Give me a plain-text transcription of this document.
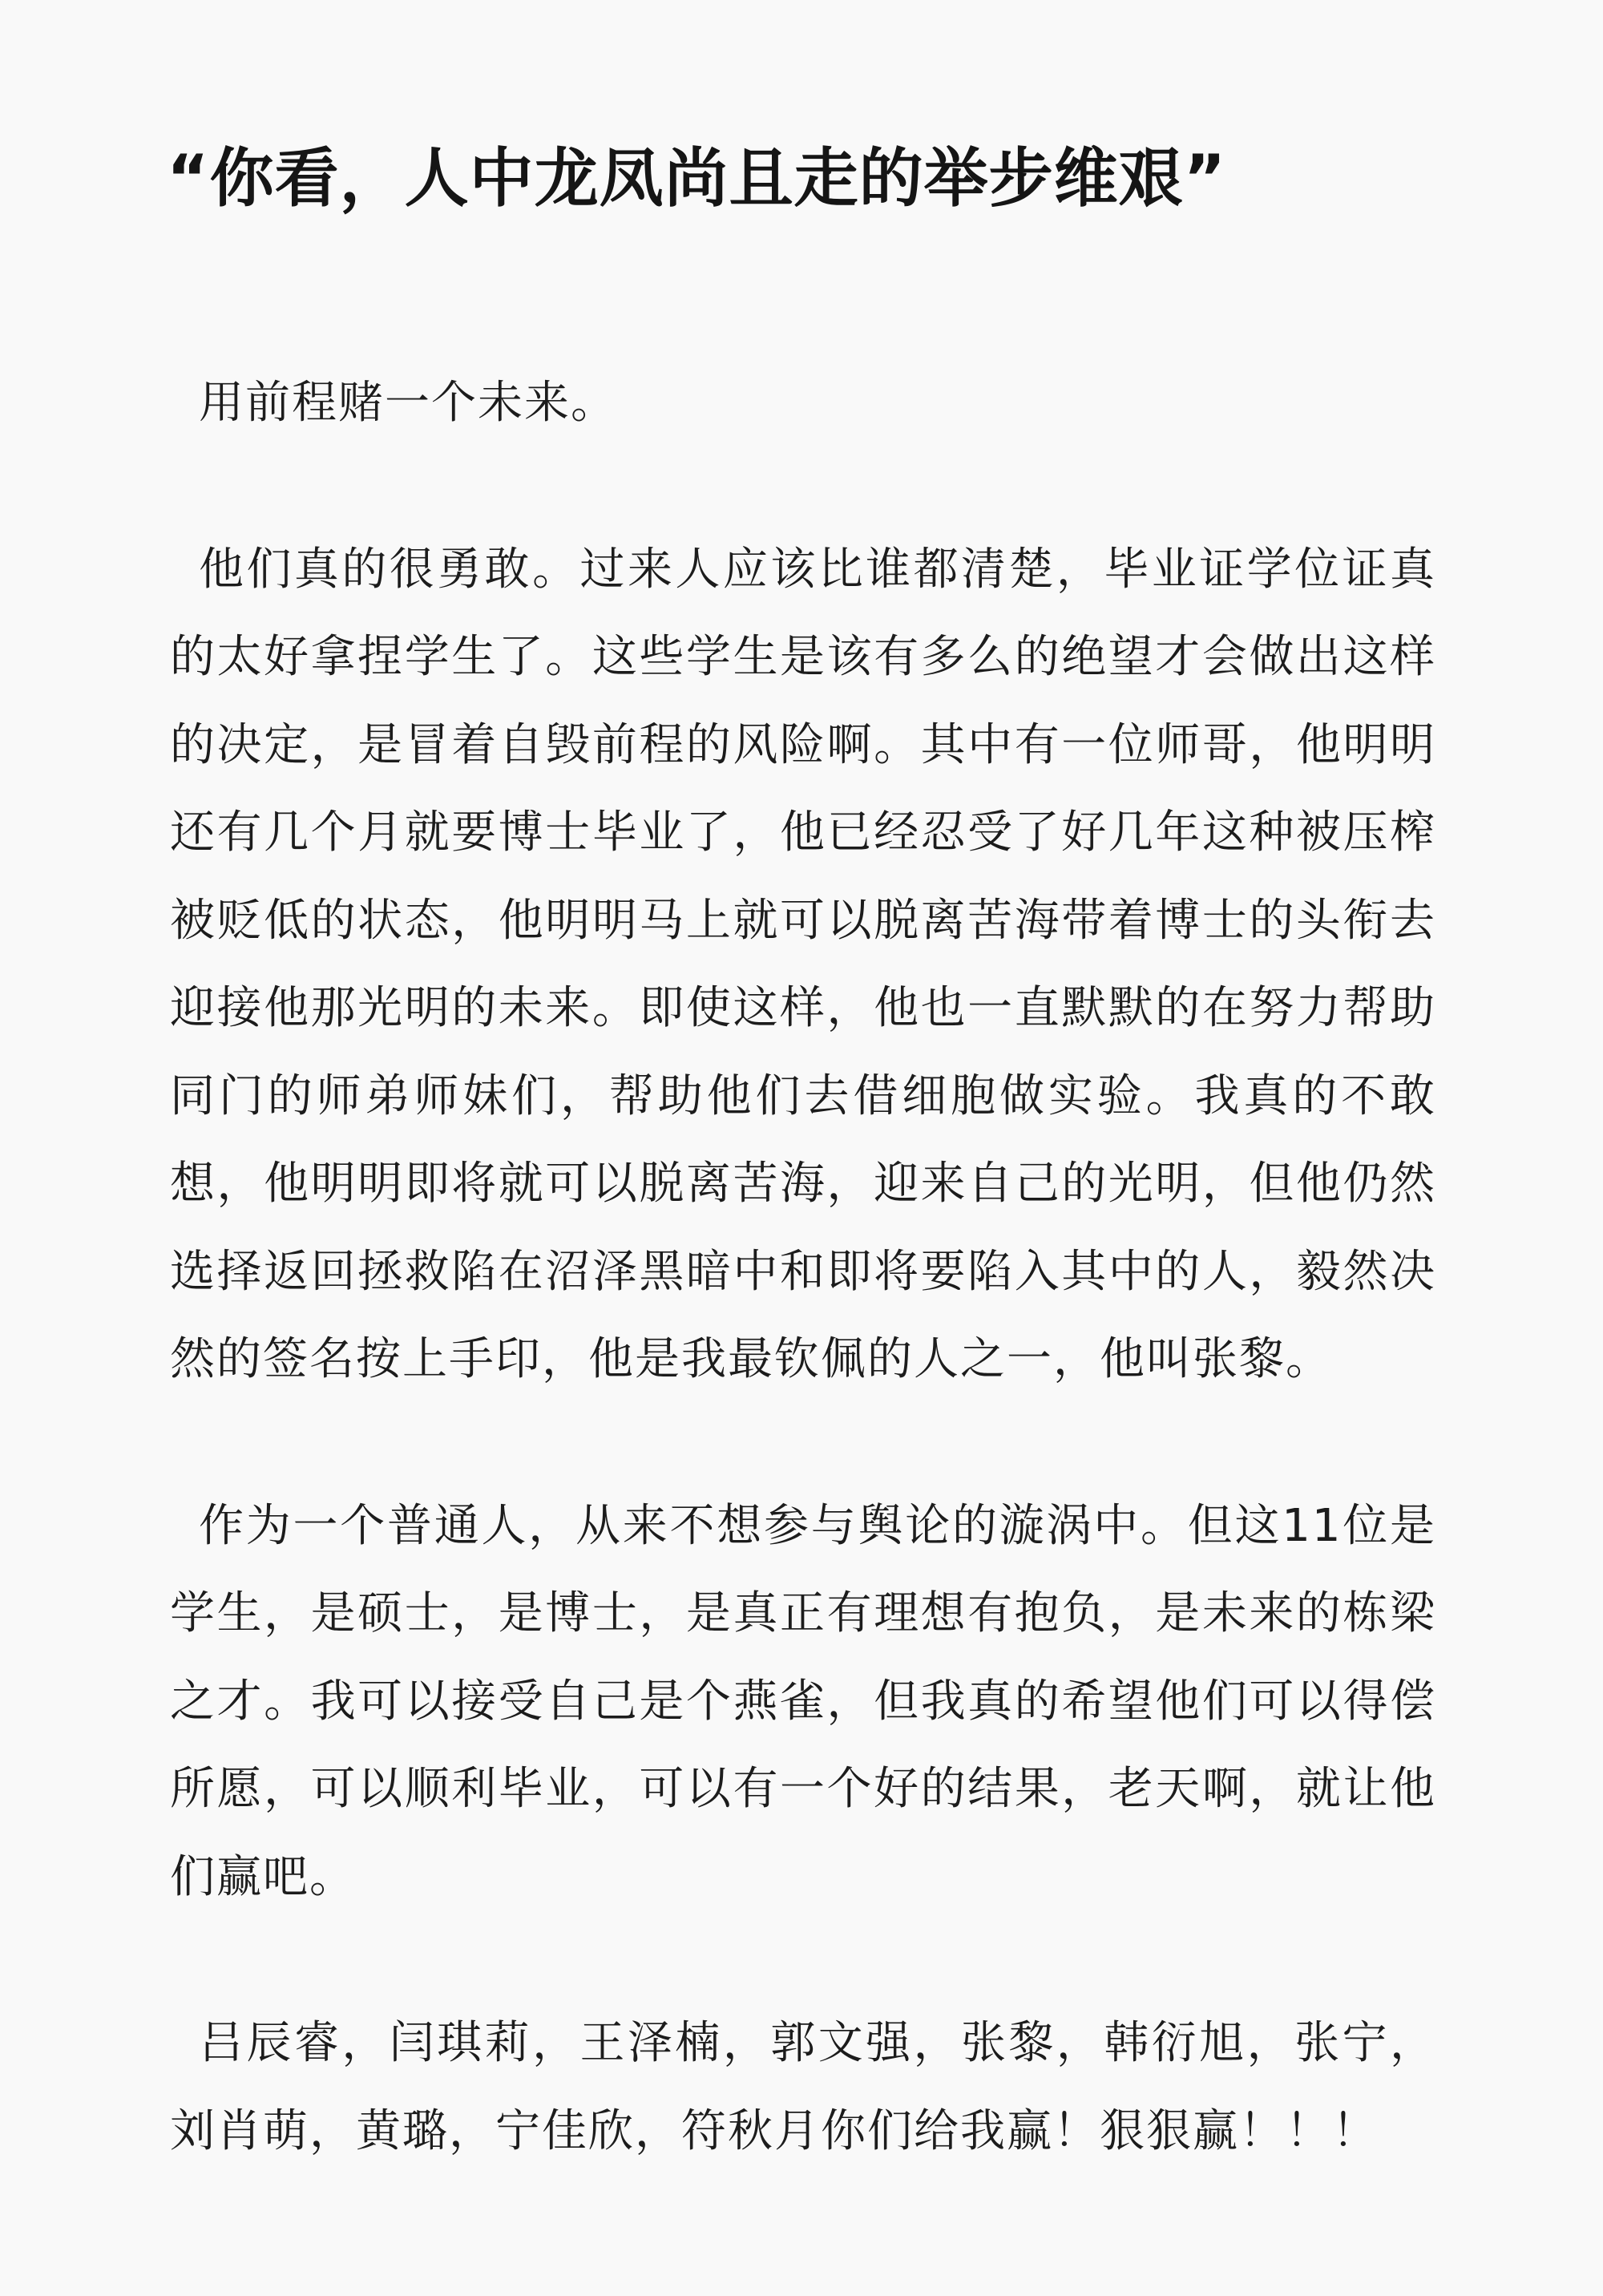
“你看，人中龙凤尚且走的举步维艰”

用前程赌一个未来。

他们真的很勇敢。过来人应该比谁都清楚，毕业证学位证真的太好拿捏学生了。这些学生是该有多么的绝望才会做出这样的决定，是冒着自毁前程的风险啊。其中有一位师哥，他明明还有几个月就要博士毕业了，他已经忍受了好几年这种被压榨被贬低的状态，他明明马上就可以脱离苦海带着博士的头衔去迎接他那光明的未来。即使这样，他也一直默默的在努力帮助同门的师弟师妹们，帮助他们去借细胞做实验。我真的不敢想，他明明即将就可以脱离苦海，迎来自己的光明，但他仍然选择返回拯救陷在沼泽黑暗中和即将要陷入其中的人，毅然决然的签名按上手印，他是我最钦佩的人之一，他叫张黎。

作为一个普通人，从来不想参与舆论的漩涡中。但这11位是学生，是硕士，是博士，是真正有理想有抱负，是未来的栋梁之才。我可以接受自己是个燕雀，但我真的希望他们可以得偿所愿，可以顺利毕业，可以有一个好的结果，老天啊，就让他们赢吧。

吕辰睿，闫琪莉，王泽楠，郭文强，张黎，韩衍旭，张宁，刘肖萌，黄璐，宁佳欣，符秋月你们给我赢！狠狠赢！！！
